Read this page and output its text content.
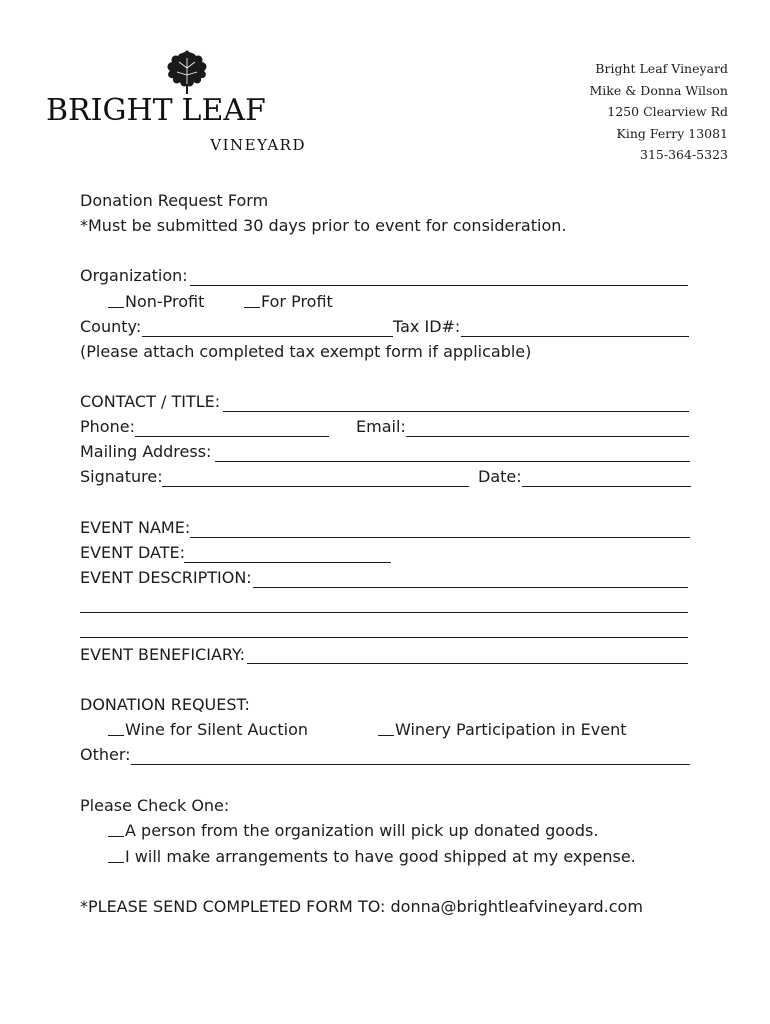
BRIGHT LEAF
VINEYARD
Bright Leaf Vineyard
Mike & Donna Wilson
1250 Clearview Rd
King Ferry 13081
315-364-5323
Donation Request Form
*Must be submitted 30 days prior to event for consideration.
Organization:
Non-Profit	For Profit
County:	Tax ID#:
(Please attach completed tax exempt form if applicable)
CONTACT / TITLE:
Phone:	Email:
Mailing Address:
Signature:	Date:
EVENT NAME:
EVENT DATE:
EVENT DESCRIPTION:
EVENT BENEFICIARY:
DONATION REQUEST:
Wine for Silent Auction	Winery Participation in Event
Other:
Please Check One:
A person from the organization will pick up donated goods.
I will make arrangements to have good shipped at my expense.
*PLEASE SEND COMPLETED FORM TO: donna@brightleafvineyard.com
